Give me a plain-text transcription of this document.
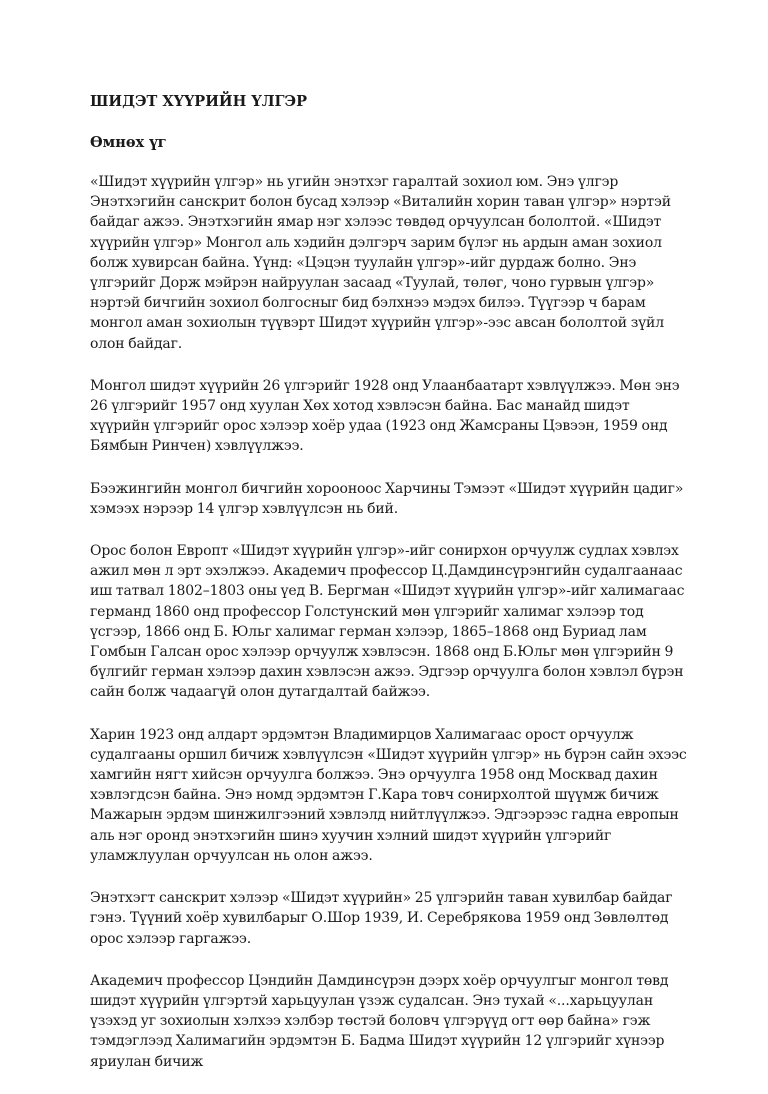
ШИДЭТ ХҮҮРИЙН ҮЛГЭР
Өмнөх үг

«Шидэт хүүрийн үлгэр» нь угийн энэтхэг гаралтай зохиол юм. Энэ үлгэр Энэтхэгийн санскрит болон бусад хэлээр «Виталийн хорин таван үлгэр» нэртэй байдаг ажээ. Энэтхэгийн ямар нэг хэлээс төвдөд орчуулсан бололтой. «Шидэт хүүрийн үлгэр» Монгол аль хэдийн дэлгэрч зарим бүлэг нь ардын аман зохиол болж хувирсан байна. Үүнд: «Цэцэн туулайн үлгэр»-ийг дурдаж болно. Энэ үлгэрийг Дорж мэйрэн найруулан засаад «Туулай, төлөг, чоно гурвын үлгэр» нэртэй бичгийн зохиол болгосныг бид бэлхнээ мэдэх билээ. Түүгээр ч барам монгол аман зохиолын түүвэрт Шидэт хүүрийн үлгэр»-ээс авсан бололтой зүйл олон байдаг.

Монгол шидэт хүүрийн 26 үлгэрийг 1928 онд Улаанбаатарт хэвлүүлжээ. Мөн энэ 26 үлгэрийг 1957 онд хуулан Хөх хотод хэвлэсэн байна. Бас манайд шидэт хүүрийн үлгэрийг орос хэлээр хоёр удаа (1923 онд Жамсраны Цэвээн, 1959 онд Бямбын Ринчен) хэвлүүлжээ.

Бээжингийн монгол бичгийн хорооноос Харчины Тэмээт «Шидэт хүүрийн цадиг» хэмээх нэрээр 14 үлгэр хэвлүүлсэн нь бий.

Орос болон Европт «Шидэт хүүрийн үлгэр»-ийг сонирхон орчуулж судлах хэвлэх ажил мөн л эрт эхэлжээ. Академич профессор Ц.Дамдинсүрэнгийн судалгаанаас иш татвал 1802–1803 оны үед В. Бергман «Шидэт хүүрийн үлгэр»-ийг халимагаас германд 1860 онд профессор Голстунский мөн үлгэрийг халимаг хэлээр тод үсгээр, 1866 онд Б. Юльг халимаг герман хэлээр, 1865–1868 онд Буриад лам Гомбын Галсан орос хэлээр орчуулж хэвлэсэн. 1868 онд Б.Юльг мөн үлгэрийн 9 бүлгийг герман хэлээр дахин хэвлэсэн ажээ. Эдгээр орчуулга болон хэвлэл бүрэн сайн болж чадаагүй олон дутагдалтай байжээ.

Харин 1923 онд алдарт эрдэмтэн Владимирцов Халимагаас орост орчуулж судалгааны оршил бичиж хэвлүүлсэн «Шидэт хүүрийн үлгэр» нь бүрэн сайн эхээс хамгийн нягт хийсэн орчуулга болжээ. Энэ орчуулга 1958 онд Москвад дахин хэвлэгдсэн байна. Энэ номд эрдэмтэн Г.Кара товч сонирхолтой шүүмж бичиж Мажарын эрдэм шинжилгээний хэвлэлд нийтлүүлжээ. Эдгээрээс гадна европын аль нэг оронд энэтхэгийн шинэ хуучин хэлний шидэт хүүрийн үлгэрийг уламжлуулан орчуулсан нь олон ажээ.

Энэтхэгт санскрит хэлээр «Шидэт хүүрийн» 25 үлгэрийн таван хувилбар байдаг гэнэ. Түүний хоёр хувилбарыг О.Шор 1939, И. Серебрякова 1959 онд Зөвлөлтөд орос хэлээр гаргажээ.

Академич профессор Цэндийн Дамдинсүрэн дээрх хоёр орчуулгыг монгол төвд шидэт хүүрийн үлгэртэй харьцуулан үзэж судалсан. Энэ тухай «...харьцуулан үзэхэд уг зохиолын хэлхээ хэлбэр төстэй боловч үлгэрүүд огт өөр байна» гэж тэмдэглээд Халимагийн эрдэмтэн Б. Бадма Шидэт хүүрийн 12 үлгэрийг хүнээр яриулан бичиж
